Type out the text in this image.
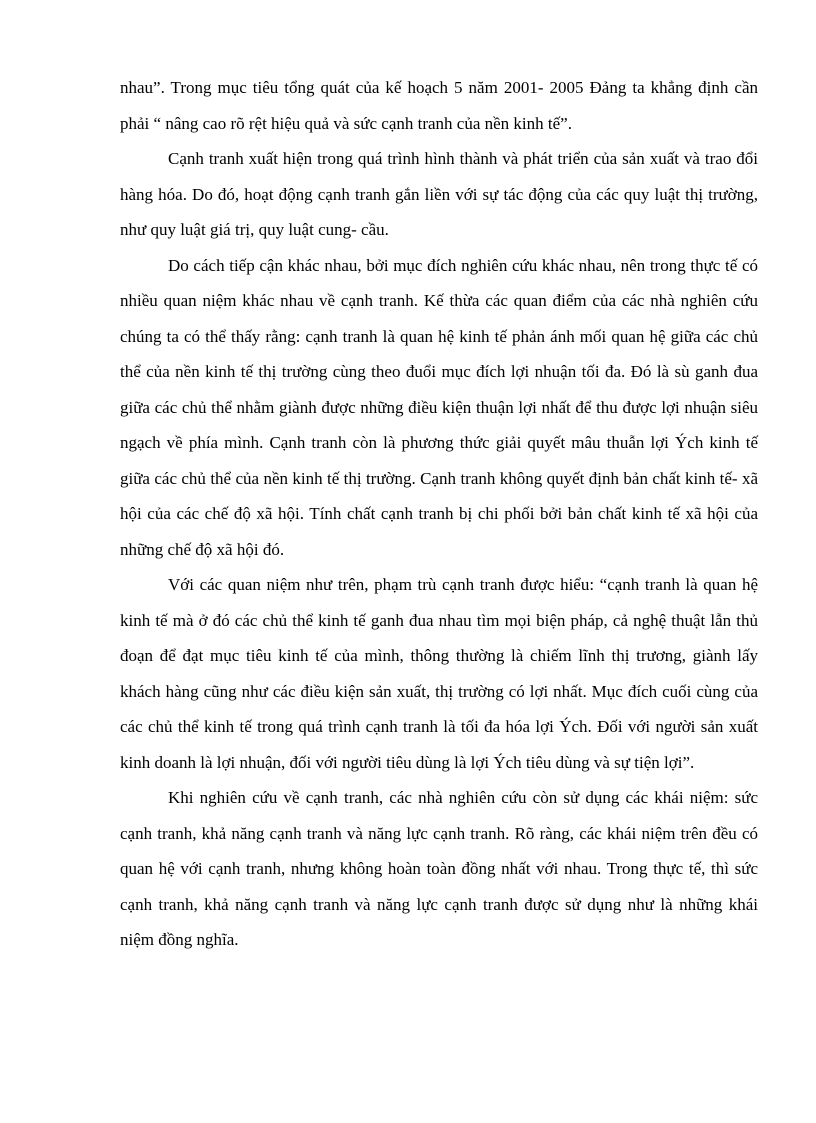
nhau”. Trong mục tiêu tổng quát của kế hoạch 5 năm 2001- 2005 Đảng ta khẳng định cần phải “ nâng cao rõ rệt hiệu quả và sức cạnh tranh của nền kinh tế”.

Cạnh tranh xuất hiện trong quá trình hình thành và phát triển của sản xuất và trao đổi hàng hóa. Do đó, hoạt động cạnh tranh gắn liền với sự tác động của các quy luật thị trường, như quy luật giá trị, quy luật cung- cầu.

Do cách tiếp cận khác nhau, bởi mục đích nghiên cứu khác nhau, nên trong thực tế có nhiều quan niệm khác nhau về cạnh tranh. Kế thừa các quan điểm của các nhà nghiên cứu chúng ta có thể thấy rằng: cạnh tranh là quan hệ kinh tế phản ánh mối quan hệ giữa các chủ thể của nền kinh tế thị trường cùng theo đuổi mục đích lợi nhuận tối đa. Đó là sù ganh đua giữa các chủ thể nhằm giành được những điều kiện thuận lợi nhất để thu được lợi nhuận siêu ngạch về phía mình. Cạnh tranh còn là phương thức giải quyết mâu thuẫn lợi Ých kinh tế giữa các chủ thể của nền kinh tế thị trường. Cạnh tranh không quyết định bản chất kinh tế- xã hội của các chế độ xã hội. Tính chất cạnh tranh bị chi phối bởi bản chất kinh tế xã hội của những chế độ xã hội đó.

Với các quan niệm như trên, phạm trù cạnh tranh được hiểu: “cạnh tranh là quan hệ kinh tế mà ở đó các chủ thể kinh tế ganh đua nhau tìm mọi biện pháp, cả nghệ thuật lẫn thủ đoạn để đạt mục tiêu kinh tế của mình, thông thường là chiếm lĩnh thị trương, giành lấy khách hàng cũng như các điều kiện sản xuất, thị trường có lợi nhất. Mục đích cuối cùng của các chủ thể kinh tế trong quá trình cạnh tranh là tối đa hóa lợi Ých. Đối với người sản xuất kinh doanh là lợi nhuận, đối với người tiêu dùng là lợi Ých tiêu dùng và sự tiện lợi”.

Khi nghiên cứu về cạnh tranh, các nhà nghiên cứu còn sử dụng các khái niệm: sức cạnh tranh, khả năng cạnh tranh và năng lực cạnh tranh. Rõ ràng, các khái niệm trên đều có quan hệ với cạnh tranh, nhưng không hoàn toàn đồng nhất với nhau. Trong thực tế, thì sức cạnh tranh, khả năng cạnh tranh và năng lực cạnh tranh được sử dụng như là những khái niệm đồng nghĩa.
